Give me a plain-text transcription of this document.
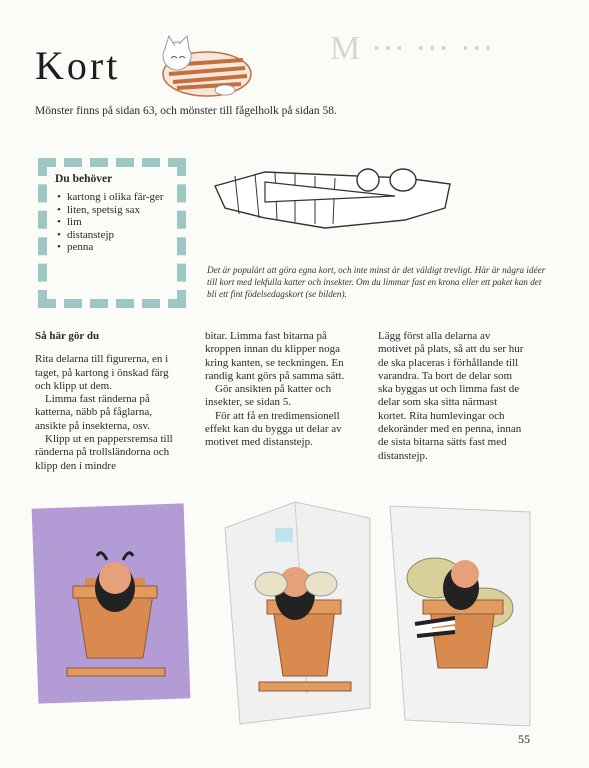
M ⋯ ⋯ ⋯
Kort
Mönster finns på sidan 63, och mönster till fågelholk på sidan 58.
Du behöver
• kartong i olika fär-ger
• liten, spetsig sax
• lim
• distanstejp
• penna
Det är populärt att göra egna kort, och inte minst är det väldigt trevligt. Här är några idéer till kort med lekfulla katter och insekter. Om du limmar fast en krona eller ett paket kan det bli ett fint födelsedagskort (se bilden).

Så här gör du

Rita delarna till figurerna, en i taget, på kartong i önskad färg och klipp ut dem.

Limma fast ränderna på katterna, näbb på fåglarna, ansikte på insekterna, osv.

Klipp ut en pappersremsa till ränderna på trollsländorna och klipp den i mindre

bitar. Limma fast bitarna på kroppen innan du klipper noga kring kanten, se teckningen. En randig kant görs på samma sätt.

Gör ansikten på katter och insekter, se sidan 5.

För att få en tredimensionell effekt kan du bygga ut delar av motivet med distanstejp.

Lägg först alla delarna av motivet på plats, så att du ser hur de ska placeras i förhållande till varandra. Ta bort de delar som ska byggas ut och limma fast de delar som ska sitta närmast kortet. Rita humlevingar och dekoränder med en penna, innan de sista bitarna sätts fast med distanstejp.

55
